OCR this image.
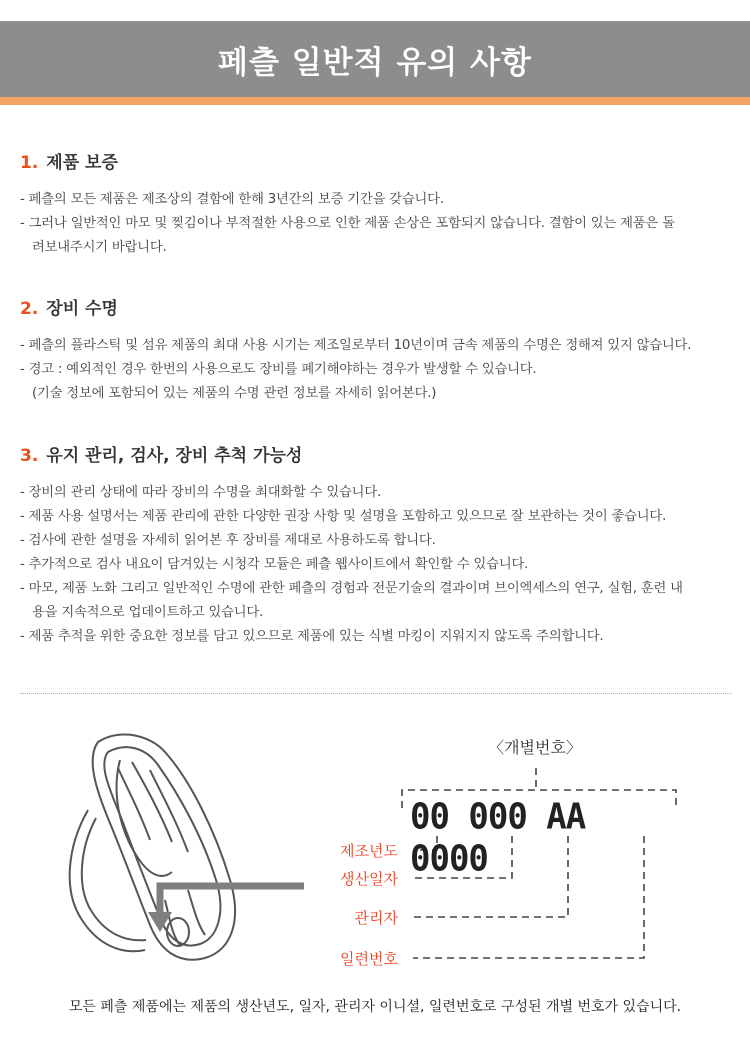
페츨 일반적 유의 사항
1. 제품 보증
- 페츨의 모든 제품은 제조상의 결함에 한해 3년간의 보증 기간을 갖습니다.
- 그러나 일반적인 마모 및 찢김이나 부적절한 사용으로 인한 제품 손상은 포함되지 않습니다. 결함이 있는 제품은 돌
려보내주시기 바랍니다.
2. 장비 수명
- 페츨의 플라스틱 및 섬유 제품의 최대 사용 시기는 제조일로부터 10년이며 금속 제품의 수명은 정해져 있지 않습니다.
- 경고 : 예외적인 경우 한번의 사용으로도 장비를 폐기해야하는 경우가 발생할 수 있습니다.
(기술 정보에 포함되어 있는 제품의 수명 관련 정보를 자세히 읽어본다.)
3. 유지 관리, 검사, 장비 추척 가능성
- 장비의 관리 상태에 따라 장비의 수명을 최대화할 수 있습니다.
- 제품 사용 설명서는 제품 관리에 관한 다양한 권장 사항 및 설명을 포함하고 있으므로 잘 보관하는 것이 좋습니다.
- 검사에 관한 설명을 자세히 읽어본 후 장비를 제대로 사용하도록 합니다.
- 추가적으로 검사 내요이 담겨있는 시청각 모듈은 페츨 웹사이트에서 확인할 수 있습니다.
- 마모, 제품 노화 그리고 일반적인 수명에 관한 페츨의 경험과 전문기술의 결과이며 브이엑세스의 연구, 실험, 훈련 내
용을 지속적으로 업데이트하고 있습니다.
- 제품 추적을 위한 중요한 정보를 담고 있으므로 제품에 있는 식별 마킹이 지워지지 않도록 주의합니다.
〈개별번호〉
00 000 AA 0000
제조년도
생산일자
관리자
일련번호
모든 페츨 제품에는 제품의 생산년도, 일자, 관리자 이니셜, 일련번호로 구성된 개별 번호가 있습니다.
